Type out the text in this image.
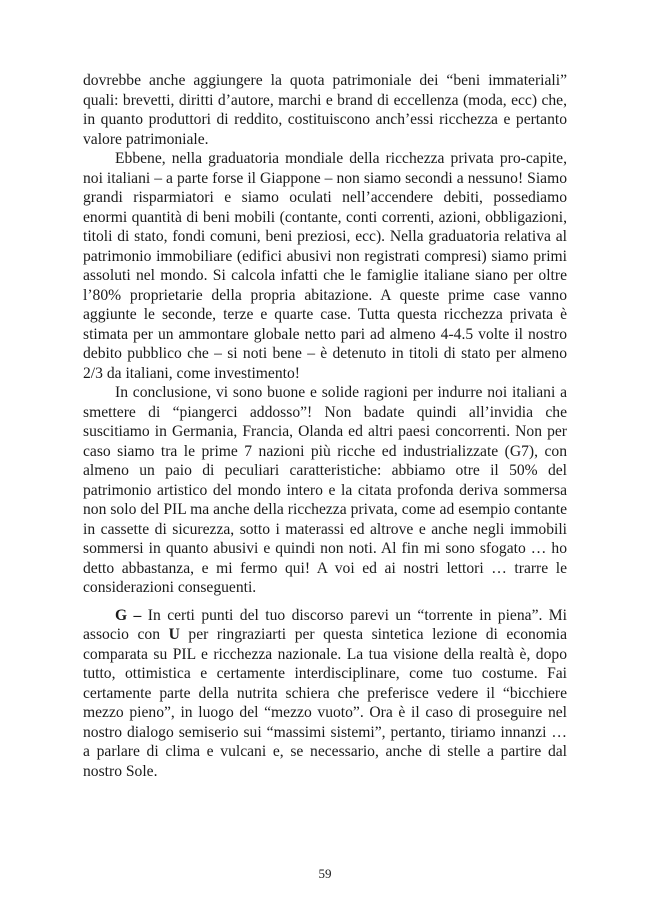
dovrebbe anche aggiungere la quota patrimoniale dei “beni immateriali” quali: brevetti, diritti d’autore, marchi e brand di eccellenza (moda, ecc) che, in quanto produttori di reddito, costituiscono anch’essi ricchezza e pertanto valore patrimoniale.

Ebbene, nella graduatoria mondiale della ricchezza privata pro-capite, noi italiani – a parte forse il Giappone – non siamo secondi a nessuno! Siamo grandi risparmiatori e siamo oculati nell’accendere debiti, possediamo enormi quantità di beni mobili (contante, conti correnti, azioni, obbligazioni, titoli di stato, fondi comuni, beni preziosi, ecc). Nella graduatoria relativa al patrimonio immobiliare (edifici abusivi non registrati compresi) siamo primi assoluti nel mondo. Si calcola infatti che le famiglie italiane siano per oltre l’80% proprietarie della propria abitazione. A queste prime case vanno aggiunte le seconde, terze e quarte case. Tutta questa ricchezza privata è stimata per un ammontare globale netto pari ad almeno 4-4.5 volte il nostro debito pubblico che – si noti bene – è detenuto in titoli di stato per almeno 2/3 da italiani, come investimento!

In conclusione, vi sono buone e solide ragioni per indurre noi italiani a smettere di “piangerci addosso”! Non badate quindi all’invidia che suscitiamo in Germania, Francia, Olanda ed altri paesi concorrenti. Non per caso siamo tra le prime 7 nazioni più ricche ed industrializzate (G7), con almeno un paio di peculiari caratteristiche: abbiamo otre il 50% del patrimonio artistico del mondo intero e la citata profonda deriva sommersa non solo del PIL ma anche della ricchezza privata, come ad esempio contante in cassette di sicurezza, sotto i materassi ed altrove e anche negli immobili sommersi in quanto abusivi e quindi non noti. Al fin mi sono sfogato … ho detto abbastanza, e mi fermo qui! A voi ed ai nostri lettori … trarre le considerazioni conseguenti.

G – In certi punti del tuo discorso parevi un “torrente in piena”. Mi associo con U per ringraziarti per questa sintetica lezione di economia comparata su PIL e ricchezza nazionale. La tua visione della realtà è, dopo tutto, ottimistica e certamente interdisciplinare, come tuo costume. Fai certamente parte della nutrita schiera che preferisce vedere il “bicchiere mezzo pieno”, in luogo del “mezzo vuoto”. Ora è il caso di proseguire nel nostro dialogo semiserio sui “massimi sistemi”, pertanto, tiriamo innanzi … a parlare di clima e vulcani e, se necessario, anche di stelle a partire dal nostro Sole.

59
